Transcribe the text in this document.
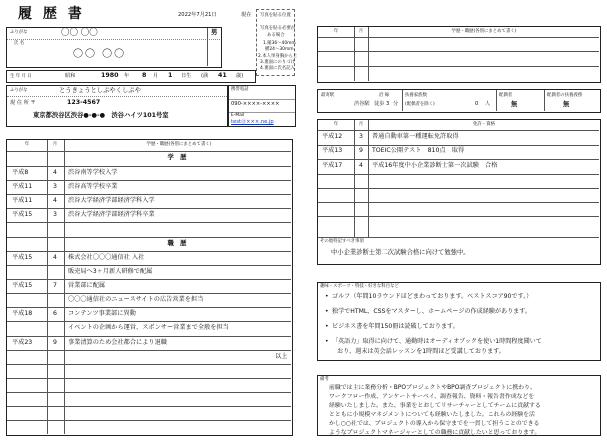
履 歴 書	2022年7月21日	現在 写真を貼る位置
写真を貼る必要が
ある場合
1.縦36～40mm
横24～30mm
2.本人単身胸から上
3.裏面にのりづけ
4.裏面に氏名記入
ふりがな	〇〇 〇〇
氏 名
〇〇 〇〇
男
生 年 月 日	昭和	1980 年 8 月 1 日生 (満 41 歳)
ふりがな	とうきょうとしぶやくしぶや
現 住 所 〒	123-4567
東京都渋谷区渋谷●-●-●　渋谷ハイツ101号室
携帯電話
090-××××-××××
E-Mail
test＠×××.ne.jp
年	月	学歴・職歴(各別にまとめて書く)
学　歴
平成8	4 渋谷南等学校入学
平成11	3 渋谷高等学校卒業
平成11	4 渋谷大学経済学部経済学科入学
平成15	3 渋谷大学経済学部経済学科卒業
職　歴
平成15	4 株式会社〇〇〇通信社 入社
販売局へ3ヶ月新人研修で配属
平成15	7 営業部に配属
〇〇〇通信社のニュースサイトの広告営業を担当
平成18	6 コンテンツ事業部に異動
イベントの企画から運営、スポンサー営業まで全般を担当
平成23	9 事業清算のため会社都合により退職
以上
年	月	学歴・職歴(各別にまとめて書く)
最寄駅	沿 線
渋谷駅 徒歩 3 分
扶養家族数
(配偶者を除く)	0 人
配偶者
無
配偶者の扶養義務
無
年	月	免許・資格
平成12	3 普通自動車第一種運転免許取得
平成13	9 TOEIC公開テスト　810点　取得
平成17	4 平成16年度中小企業診断士第一次試験　合格
その他特記すべき事項
中小企業診断士第二次試験合格に向けて勉強中。
趣味・スポーツ・特技・好きな科目など
• ゴルフ（年間10ラウンドほどまわっております。ベストスコア90です。）
• 独学でHTML、CSSをマスターし、ホームページの作成経験があります。
• ビジネス書を年間150冊は読破しております。
• 「英語力」取得に向けて、通勤時はオーディオブックを使い1時間程度聞いて
おり、週末は英会話レッスンを1時間ほど受講しております。
備考
前職では主に業務分析・BPOプロジェクトやBPO調査プロジェクトに携わり、
ワークフロー作成、アンケートサーベイ、調査報告、資料・報告書作成などを
経験いたしました。また、事業をとおしてリサーチャーとしてチームに貢献する
とともに小規模マネジメントについても経験いたしました。これらの経験を活
かし○○社では、プロジェクトの導入から保守までを一貫して担うことのできる
ようなプロジェクトマネージャーとしての職務に貢献したいと思っております。
